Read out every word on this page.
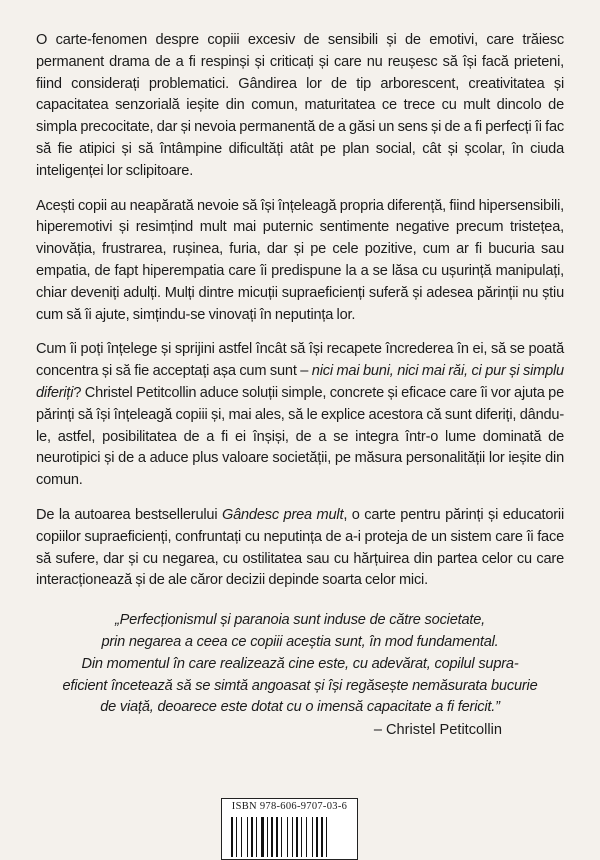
O carte-fenomen despre copiii excesiv de sensibili și de emotivi, care trăiesc permanent drama de a fi respinși și criticați și care nu reușesc să își facă prieteni, fiind considerați problematici. Gândirea lor de tip arborescent, creativitatea și capacitatea senzorială ieșite din comun, maturitatea ce trece cu mult dincolo de simpla precocitate, dar și nevoia permanentă de a găsi un sens și de a fi perfecți îi fac să fie atipici și să întâmpine dificultăți atât pe plan social, cât și școlar, în ciuda inteligenței lor sclipitoare.

Acești copii au neapărată nevoie să își înțeleagă propria diferență, fiind hipersensibili, hiperemotivi și resimțind mult mai puternic sentimente negative precum tristețea, vinovăția, frustrarea, rușinea, furia, dar și pe cele pozitive, cum ar fi bucuria sau empatia, de fapt hiperempatia care îi predispune la a se lăsa cu ușurință manipulați, chiar deveniți adulți. Mulți dintre micuții supraeficienți suferă și adesea părinții nu știu cum să îi ajute, simțindu-se vinovați în neputința lor.

Cum îi poți înțelege și sprijini astfel încât să își recapete încrederea în ei, să se poată concentra și să fie acceptați așa cum sunt – nici mai buni, nici mai răi, ci pur și simplu diferiți? Christel Petitcollin aduce soluții simple, concrete și eficace care îi vor ajuta pe părinți să își înțeleagă copiii și, mai ales, să le explice acestora că sunt diferiți, dându-le, astfel, posibilitatea de a fi ei înșiși, de a se integra într-o lume dominată de neurotipici și de a aduce plus valoare societății, pe măsura personalității lor ieșite din comun.

De la autoarea bestsellerului Gândesc prea mult, o carte pentru părinți și educatorii copiilor supraeficienți, confruntați cu neputința de a-i proteja de un sistem care îi face să sufere, dar și cu negarea, cu ostilitatea sau cu hărțuirea din partea celor cu care interacționează și de ale căror decizii depinde soarta celor mici.

„Perfecționismul și paranoia sunt induse de către societate,
prin negarea a ceea ce copiii aceștia sunt, în mod fundamental.
Din momentul în care realizează cine este, cu adevărat, copilul supra-
eficient încetează să se simtă angoasat și își regăsește nemăsurata bucurie
de viață, deoarece este dotat cu o imensă capacitate a fi fericit.”
– Christel Petitcollin
ISBN 978-606-9707-03-6
